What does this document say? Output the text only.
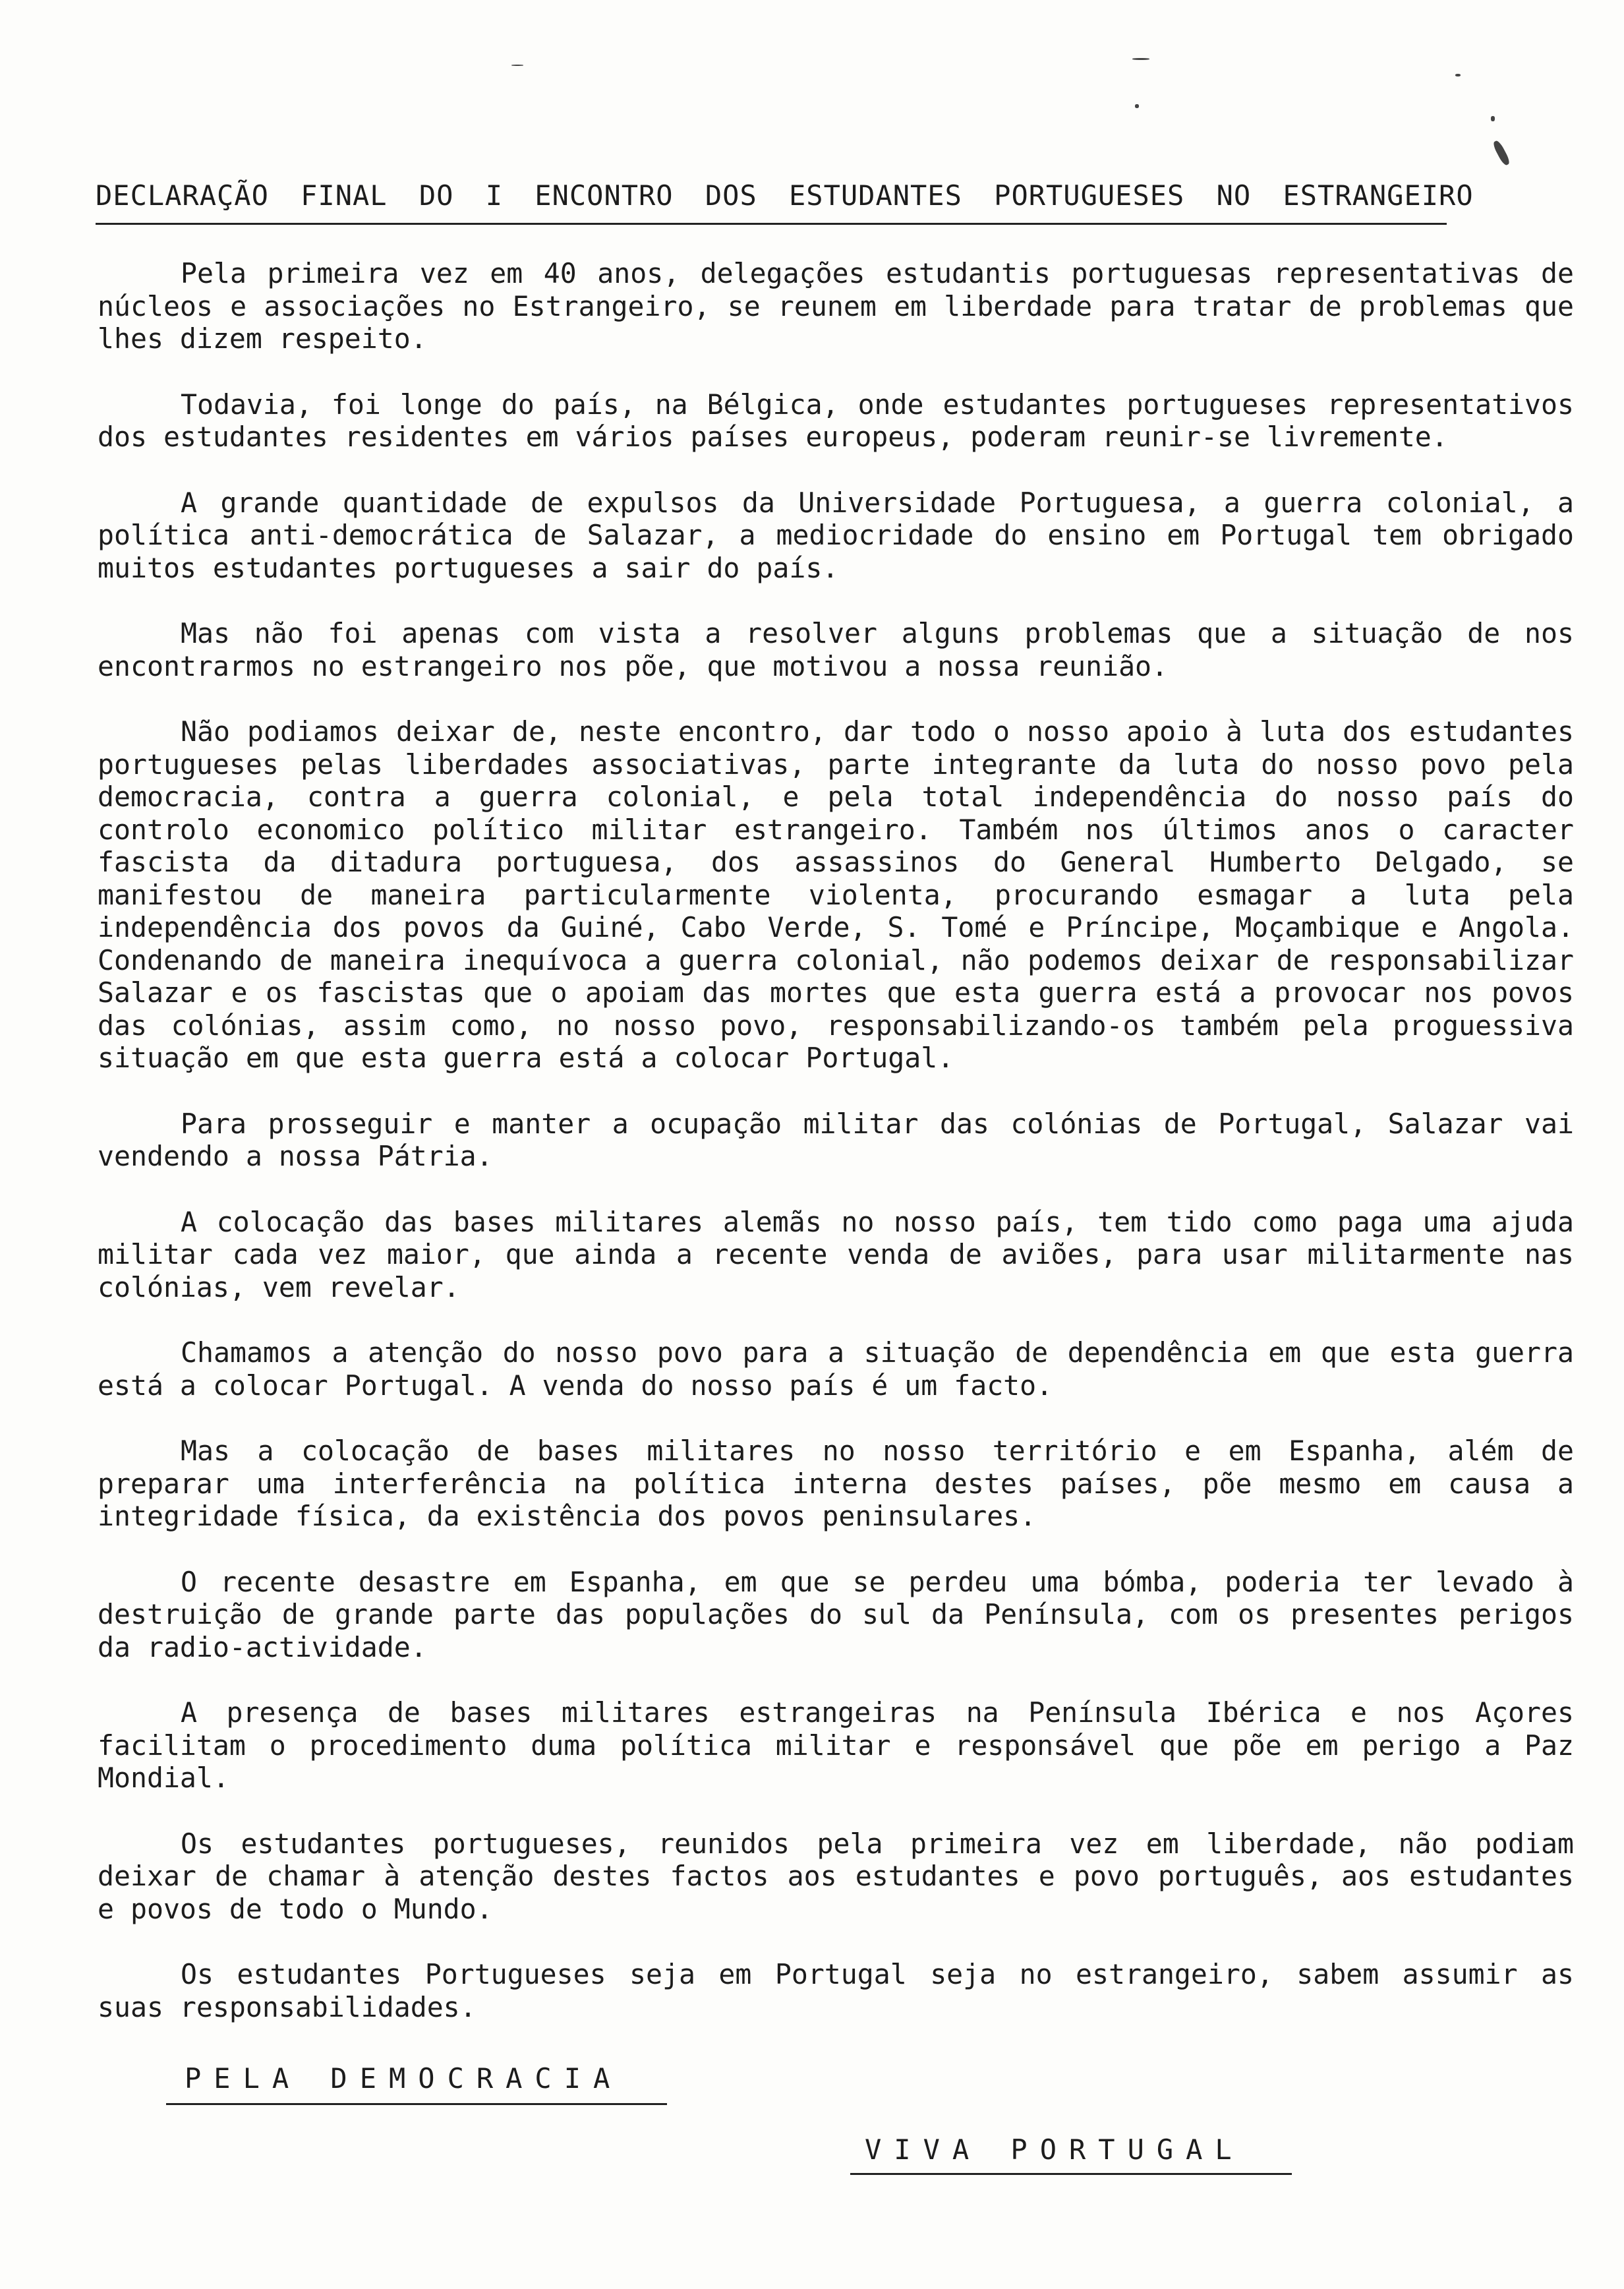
DECLARAÇÃO FINAL DO I ENCONTRO DOS ESTUDANTES PORTUGUESES NO ESTRANGEIRO

Pela primeira vez em 40 anos, delegações estudantis portuguesas representativas de núcleos e associações no Estrangeiro, se reunem em liberdade para tratar de problemas que lhes dizem respeito.

Todavia, foi longe do país, na Bélgica, onde estudantes portugueses representativos dos estudantes residentes em vários países europeus, poderam reunir-se livremente.

A grande quantidade de expulsos da Universidade Portuguesa, a guerra colonial, a política anti-democrática de Salazar, a mediocridade do ensino em Portugal tem obrigado muitos estudantes portugueses a sair do país.

Mas não foi apenas com vista a resolver alguns problemas que a situação de nos encontrarmos no estrangeiro nos põe, que motivou a nossa reunião.

Não podiamos deixar de, neste encontro, dar todo o nosso apoio à luta dos estudantes portugueses pelas liberdades associativas, parte integrante da luta do nosso povo pela democracia, contra a guerra colonial, e pela total independência do nosso país do controlo economico político militar estrangeiro. Também nos últimos anos o caracter fascista da ditadura portuguesa, dos assassinos do General Humberto Delgado, se manifestou de maneira particularmente violenta, procurando esmagar a luta pela independência dos povos da Guiné, Cabo Verde, S. Tomé e Príncipe, Moçambique e Angola. Condenando de maneira inequívoca a guerra colonial, não podemos deixar de responsabilizar Salazar e os fascistas que o apoiam das mortes que esta guerra está a provocar nos povos das colónias, assim como, no nosso povo, responsabilizando-os também pela proguessiva situação em que esta guerra está a colocar Portugal.

Para prosseguir e manter a ocupação militar das colónias de Portugal, Salazar vai vendendo a nossa Pátria.

A colocação das bases militares alemãs no nosso país, tem tido como paga uma ajuda militar cada vez maior, que ainda a recente venda de aviões, para usar militarmente nas colónias, vem revelar.

Chamamos a atenção do nosso povo para a situação de dependência em que esta guerra está a colocar Portugal. A venda do nosso país é um facto.

Mas a colocação de bases militares no nosso território e em Espanha, além de preparar uma interferência na política interna destes países, põe mesmo em causa a integridade física, da existência dos povos peninsulares.

O recente desastre em Espanha, em que se perdeu uma bómba, poderia ter levado à destruição de grande parte das populações do sul da Península, com os presentes perigos da radio-actividade.

A presença de bases militares estrangeiras na Península Ibérica e nos Açores facilitam o procedimento duma política militar e responsável que põe em perigo a Paz Mondial.

Os estudantes portugueses, reunidos pela primeira vez em liberdade, não podiam deixar de chamar à atenção destes factos aos estudantes e povo português, aos estudantes e povos de todo o Mundo.

Os estudantes Portugueses seja em Portugal seja no estrangeiro, sabem assumir as suas responsabilidades.

PELA DEMOCRACIA
VIVA PORTUGAL
